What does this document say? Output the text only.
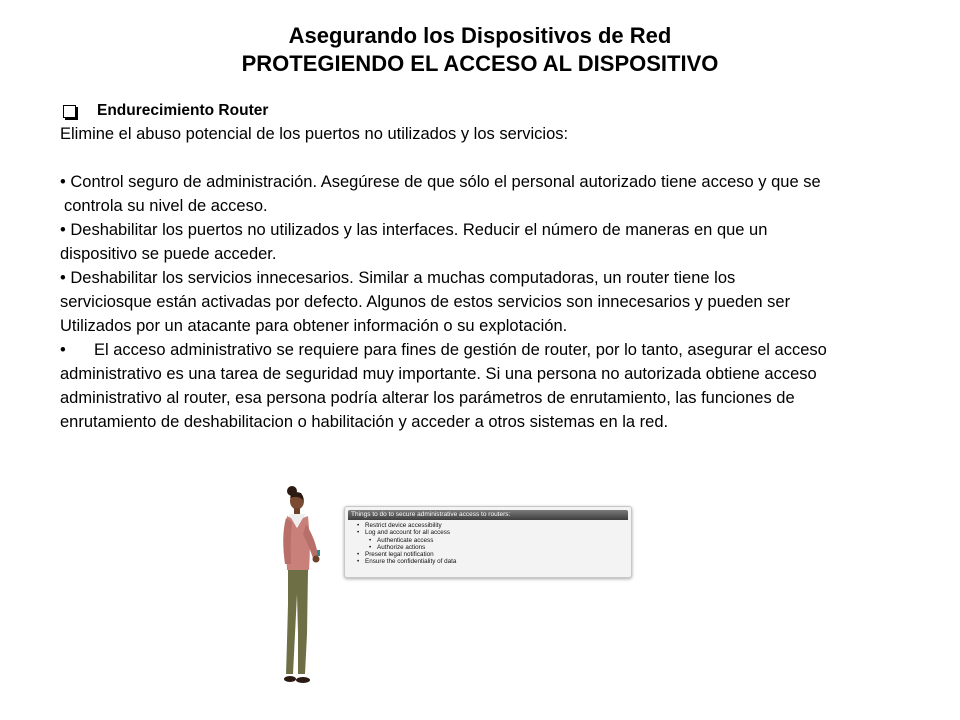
Asegurando los Dispositivos de Red
PROTEGIENDO EL ACCESO AL DISPOSITIVO
Endurecimiento Router

Elimine el abuso potencial de los puertos no utilizados y los servicios:

• Control seguro de administración. Asegúrese de que sólo el personal autorizado tiene acceso y que se

controla su nivel de acceso.

• Deshabilitar los puertos no utilizados y las interfaces. Reducir el número de maneras en que un

dispositivo se puede acceder.

• Deshabilitar los servicios innecesarios. Similar a muchas computadoras, un router tiene los

serviciosque están activadas por defecto. Algunos de estos servicios son innecesarios y pueden ser

Utilizados por un atacante para obtener información o su explotación.

• El acceso administrativo se requiere para fines de gestión de router, por lo tanto, asegurar el acceso

administrativo es una tarea de seguridad muy importante. Si una persona no autorizada obtiene acceso

administrativo al router, esa persona podría alterar los parámetros de enrutamiento, las funciones de

enrutamiento de deshabilitacion o habilitación y acceder a otros sistemas en la red.

Things to do to secure administrative access to routers:
• Restrict device accessibility
• Log and account for all access
• Authenticate access
• Authorize actions
• Present legal notification
• Ensure the confidentiality of data
